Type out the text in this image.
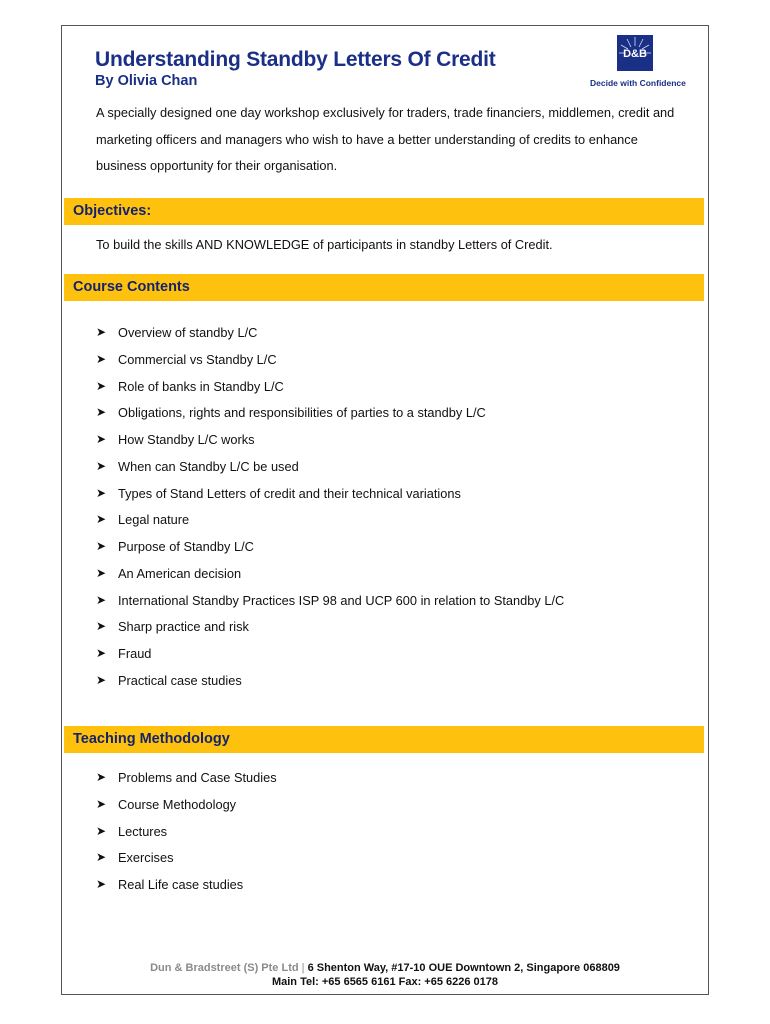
Understanding Standby Letters Of Credit
By Olivia Chan
D&B
Decide with Confidence
A specially designed one day workshop exclusively for traders, trade financiers, middlemen, credit and marketing officers and managers who wish to have a better understanding of credits to enhance business opportunity for their organisation.
Objectives:
To build the skills AND KNOWLEDGE of participants in standby Letters of Credit.
Course Contents
➤ Overview of standby L/C
➤ Commercial vs Standby L/C
➤ Role of banks in Standby L/C
➤ Obligations, rights and responsibilities of parties to a standby L/C
➤ How Standby L/C works
➤ When can Standby L/C be used
➤ Types of Stand Letters of credit and their technical variations
➤ Legal nature
➤ Purpose of Standby L/C
➤ An American decision
➤ International Standby Practices ISP 98 and UCP 600 in relation to Standby L/C
➤ Sharp practice and risk
➤ Fraud
➤ Practical case studies
Teaching Methodology
➤ Problems and Case Studies
➤ Course Methodology
➤ Lectures
➤ Exercises
➤ Real Life case studies
Dun & Bradstreet (S) Pte Ltd | 6 Shenton Way, #17-10 OUE Downtown 2, Singapore 068809
Main Tel: +65 6565 6161 Fax: +65 6226 0178
